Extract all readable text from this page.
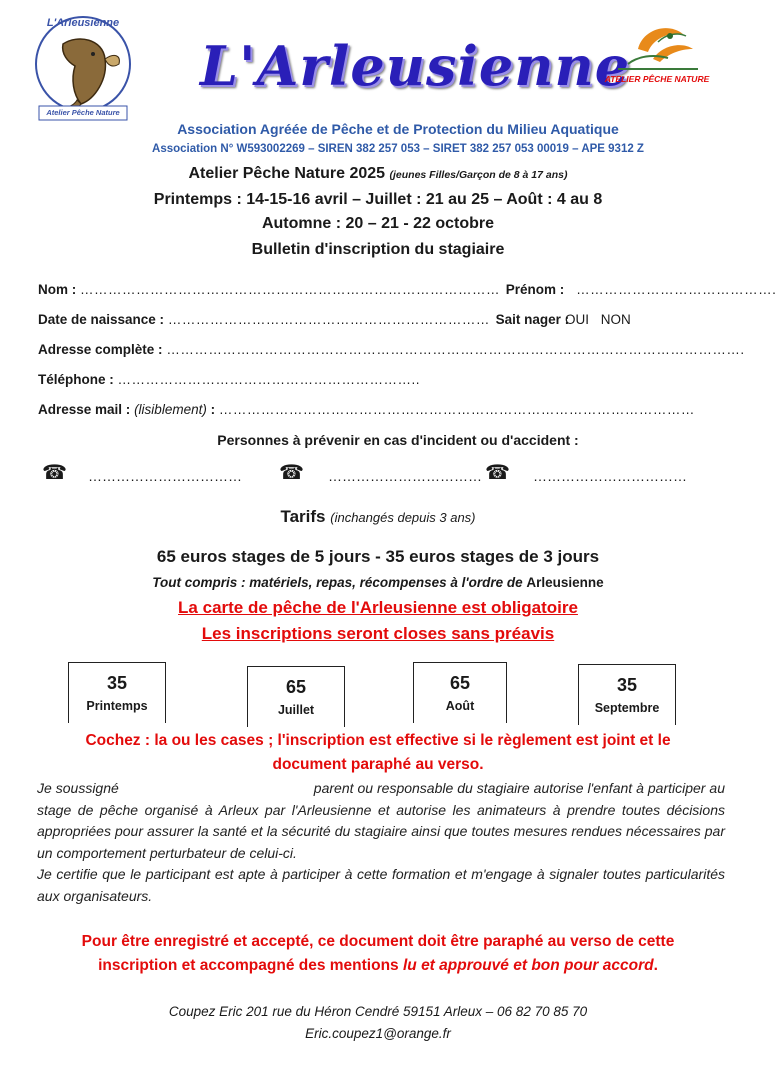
L'Arleusienne
Atelier Pêche Nature
L'Arleusienne
ATELIER PÊCHE NATURE
Association Agréée de Pêche et de Protection du Milieu Aquatique
Association N° W593002269 – SIREN 382 257 053 – SIRET 382 257 053 00019 – APE 9312 Z
Atelier Pêche Nature 2025 (jeunes Filles/Garçon de 8 à 17 ans)
Printemps : 14-15-16 avril – Juillet : 21 au 25 – Août : 4 au 8
Automne : 20 – 21 - 22 octobre
Bulletin d'inscription du stagiaire
Nom : ……………………………………………………………………………… Prénom : …………………………………….
Date de naissance : …………………………………………………………… Sait nager :
OUI NON
Adresse complète : …………………………………………………………………………………………………………….
Téléphone : ………………………………………………………..
Adresse mail : (lisiblement) : …………………………………………………………………………………………
Personnes à prévenir en cas d'incident ou d'accident :
☎ …………………………… ☎ …………………………… ☎ ……………………………
Tarifs (inchangés depuis 3 ans)
65 euros stages de 5 jours - 35 euros stages de 3 jours
Tout compris : matériels, repas, récompenses à l'ordre de Arleusienne
La carte de pêche de l'Arleusienne est obligatoire
Les inscriptions seront closes sans préavis
35
Printemps
65
Juillet
65
Août
35
Septembre
Cochez : la ou les cases ; l'inscription est effective si le règlement est joint et le
document paraphé au verso.

Je soussigné	parent ou responsable du stagiaire autorise l'enfant à participer au stage de pêche organisé à Arleux par l'Arleusienne et autorise les animateurs à prendre toutes décisions appropriées pour assurer la santé et la sécurité du stagiaire ainsi que toutes mesures rendues nécessaires par un comportement perturbateur de celui-ci.

Je certifie que le participant est apte à participer à cette formation et m'engage à signaler toutes particularités aux organisateurs.

Pour être enregistré et accepté, ce document doit être paraphé au verso de cette
inscription et accompagné des mentions lu et approuvé et bon pour accord.
Coupez Eric 201 rue du Héron Cendré 59151 Arleux – 06 82 70 85 70
Eric.coupez1@orange.fr
